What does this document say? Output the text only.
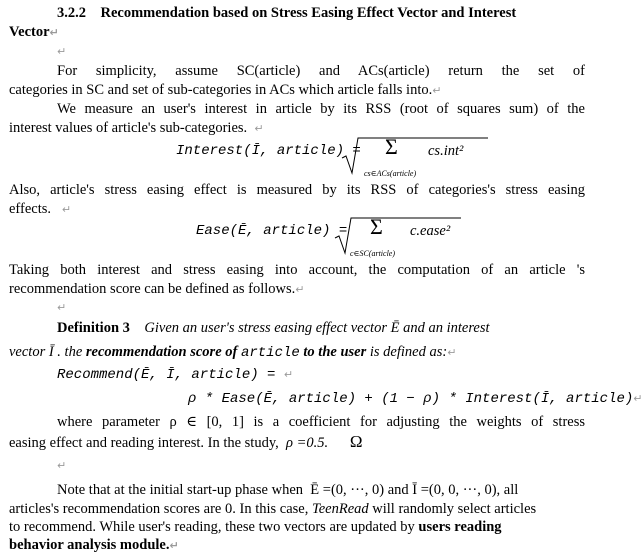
3.2.2 Recommendation based on Stress Easing Effect Vector and Interest
Vector↵
↵
For simplicity, assume SC(article) and ACs(article) return the set of
categories in SC and set of sub-categories in ACs which article falls into.↵
We measure an user's interest in article by its RSS (root of squares sum) of the
interest values of article's sub-categories. ↵
Interest(Ī, article) = Σ
cs∈ACs(article)
cs.int²
Also, article's stress easing effect is measured by its RSS of categories's stress easing
effects. ↵
Ease(Ē, article) = Σ
c∈SC(article)
c.ease²
Taking both interest and stress easing into account, the computation of an article 's
recommendation score can be defined as follows.↵
↵
Definition 3 Given an user's stress easing effect vector Ē and an interest
vector Ī . the recommendation score of article to the user is defined as:↵
Recommend(Ē, Ī, article) = ↵
ρ * Ease(Ē, article) + (1 − ρ) * Interest(Ī, article)↵
where parameter ρ ∈ [0, 1] is a coefficient for adjusting the weights of stress
easing effect and reading interest. In the study, ρ =0.5. Ω
↵
Note that at the initial start-up phase when Ē =(0, ···, 0) and Ī =(0, 0, ···, 0), all
articles's recommendation scores are 0. In this case, TeenRead will randomly select articles
to recommend. While user's reading, these two vectors are updated by users reading
behavior analysis module.↵
